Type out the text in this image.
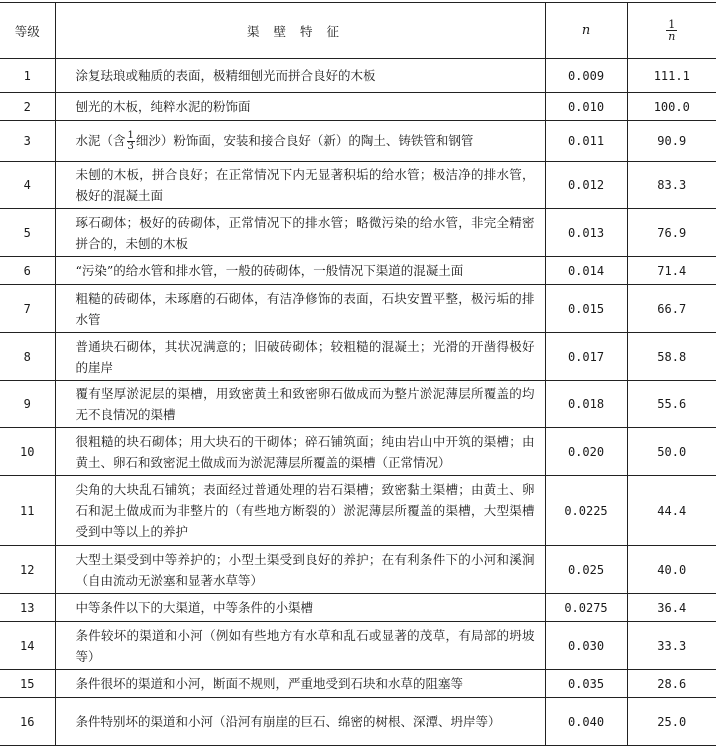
等级	渠壁特征	n	$\frac{1}{n}$

1	涂复珐琅或釉质的表面，极精细刨光而拼合良好的木板	0.009	111.1
2	刨光的木板，纯粹水泥的粉饰面	0.010	100.0
3	水泥（含 $\frac{1}{3}$ 细沙）粉饰面，安装和接合良好（新）的陶土、铸铁管和钢管	0.011	90.9
4	未刨的木板，拼合良好；在正常情况下内无显著积垢的给水管；极洁净的排水管，极好的混凝土面	0.012	83.3
5	琢石砌体；极好的砖砌体，正常情况下的排水管；略微污染的给水管，非完全精密拼合的，未刨的木板	0.013	76.9
6	“污染”的给水管和排水管，一般的砖砌体，一般情况下渠道的混凝土面	0.014	71.4
7	粗糙的砖砌体，未琢磨的石砌体，有洁净修饰的表面，石块安置平整，极污垢的排水管	0.015	66.7
8	普通块石砌体，其状况满意的；旧破砖砌体；较粗糙的混凝土；光滑的开凿得极好的崖岸	0.017	58.8
9	覆有坚厚淤泥层的渠槽，用致密黄土和致密卵石做成而为整片淤泥薄层所覆盖的均无不良情况的渠槽	0.018	55.6
10	很粗糙的块石砌体；用大块石的干砌体；碎石铺筑面；纯由岩山中开筑的渠槽；由黄土、卵石和致密泥土做成而为淤泥薄层所覆盖的渠槽（正常情况）	0.020	50.0
11	尖角的大块乱石铺筑；表面经过普通处理的岩石渠槽；致密黏土渠槽；由黄土、卵石和泥土做成而为非整片的（有些地方断裂的）淤泥薄层所覆盖的渠槽，大型渠槽受到中等以上的养护	0.0225	44.4
12	大型土渠受到中等养护的；小型土渠受到良好的养护；在有利条件下的小河和溪涧（自由流动无淤塞和显著水草等）	0.025	40.0
13	中等条件以下的大渠道，中等条件的小渠槽	0.0275	36.4
14	条件较坏的渠道和小河（例如有些地方有水草和乱石或显著的茂草，有局部的坍坡等）	0.030	33.3
15	条件很坏的渠道和小河，断面不规则，严重地受到石块和水草的阻塞等	0.035	28.6
16	条件特别坏的渠道和小河（沿河有崩崖的巨石、绵密的树根、深潭、坍岸等）	0.040	25.0
